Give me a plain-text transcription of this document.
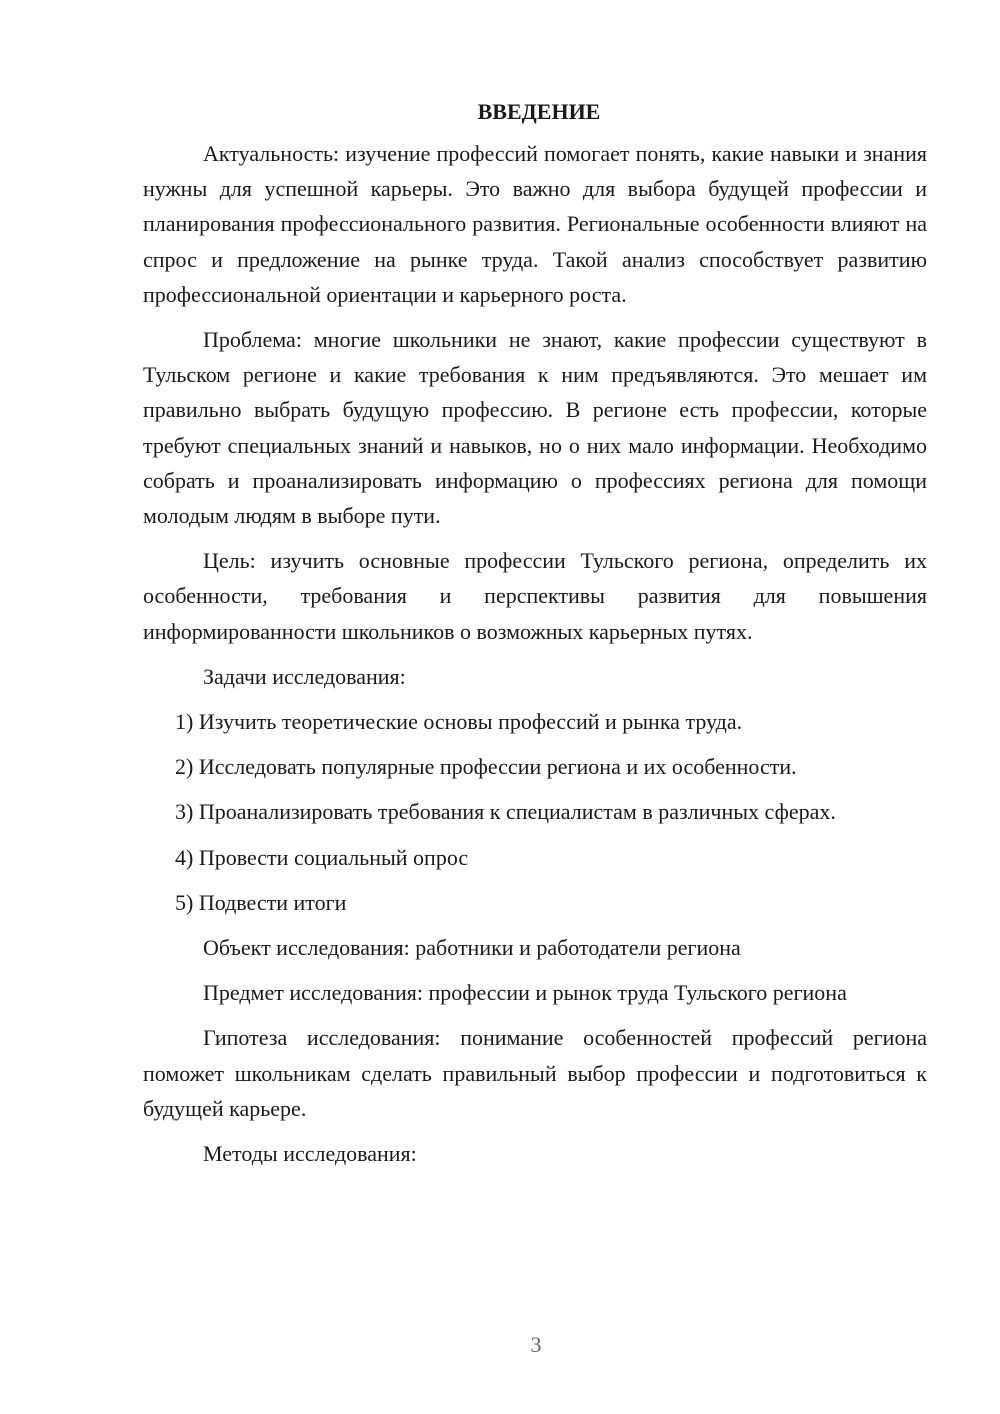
ВВЕДЕНИЕ

Актуальность: изучение профессий помогает понять, какие навыки и знания нужны для успешной карьеры. Это важно для выбора будущей профессии и планирования профессионального развития. Региональные особенности влияют на спрос и предложение на рынке труда. Такой анализ способствует развитию профессиональной ориентации и карьерного роста.

Проблема: многие школьники не знают, какие профессии существуют в Тульском регионе и какие требования к ним предъявляются. Это мешает им правильно выбрать будущую профессию. В регионе есть профессии, которые требуют специальных знаний и навыков, но о них мало информации. Необходимо собрать и проанализировать информацию о профессиях региона для помощи молодым людям в выборе пути.

Цель: изучить основные профессии Тульского региона, определить их особенности, требования и перспективы развития для повышения информированности школьников о возможных карьерных путях.

Задачи исследования:

1) Изучить теоретические основы профессий и рынка труда.
2) Исследовать популярные профессии региона и их особенности.
3) Проанализировать требования к специалистам в различных сферах.
4) Провести социальный опрос
5) Подвести итоги

Объект исследования: работники и работодатели региона

Предмет исследования: профессии и рынок труда Тульского региона

Гипотеза исследования: понимание особенностей профессий региона поможет школьникам сделать правильный выбор профессии и подготовиться к будущей карьере.

Методы исследования:

3
